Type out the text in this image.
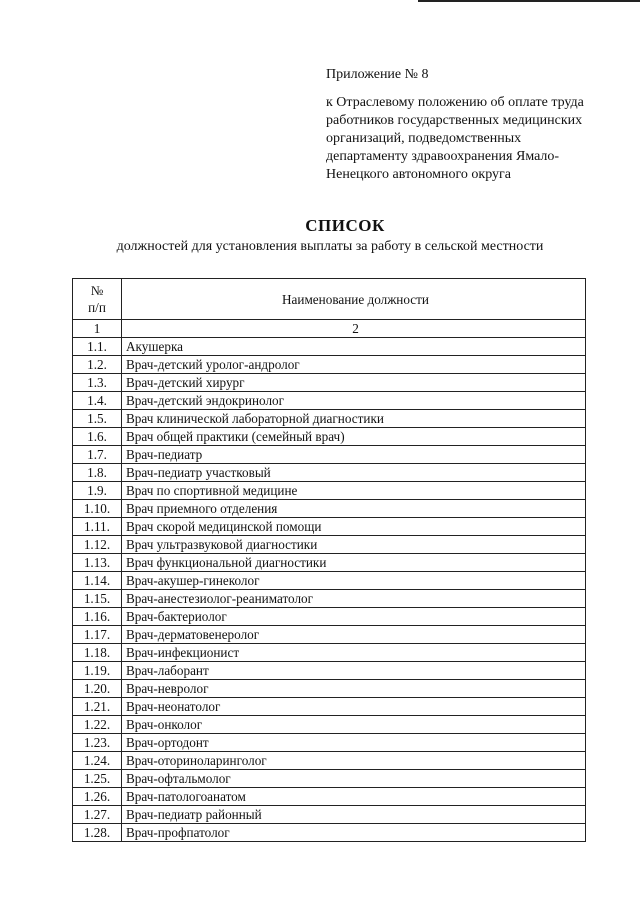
Приложение № 8
к Отраслевому положению об оплате труда
работников государственных медицинских
организаций, подведомственных
департаменту здравоохранения Ямало-
Ненецкого автономного округа
СПИСОК
должностей для установления выплаты за работу в сельской местности
№
п/п	Наименование должности
1	2
1.1.	Акушерка
1.2.	Врач-детский уролог-андролог
1.3.	Врач-детский хирург
1.4.	Врач-детский эндокринолог
1.5.	Врач клинической лабораторной диагностики
1.6.	Врач общей практики (семейный врач)
1.7.	Врач-педиатр
1.8.	Врач-педиатр участковый
1.9.	Врач по спортивной медицине
1.10.	Врач приемного отделения
1.11.	Врач скорой медицинской помощи
1.12.	Врач ультразвуковой диагностики
1.13.	Врач функциональной диагностики
1.14.	Врач-акушер-гинеколог
1.15.	Врач-анестезиолог-реаниматолог
1.16.	Врач-бактериолог
1.17.	Врач-дерматовенеролог
1.18.	Врач-инфекционист
1.19.	Врач-лаборант
1.20.	Врач-невролог
1.21.	Врач-неонатолог
1.22.	Врач-онколог
1.23.	Врач-ортодонт
1.24.	Врач-оториноларинголог
1.25.	Врач-офтальмолог
1.26.	Врач-патологоанатом
1.27.	Врач-педиатр районный
1.28.	Врач-профпатолог
